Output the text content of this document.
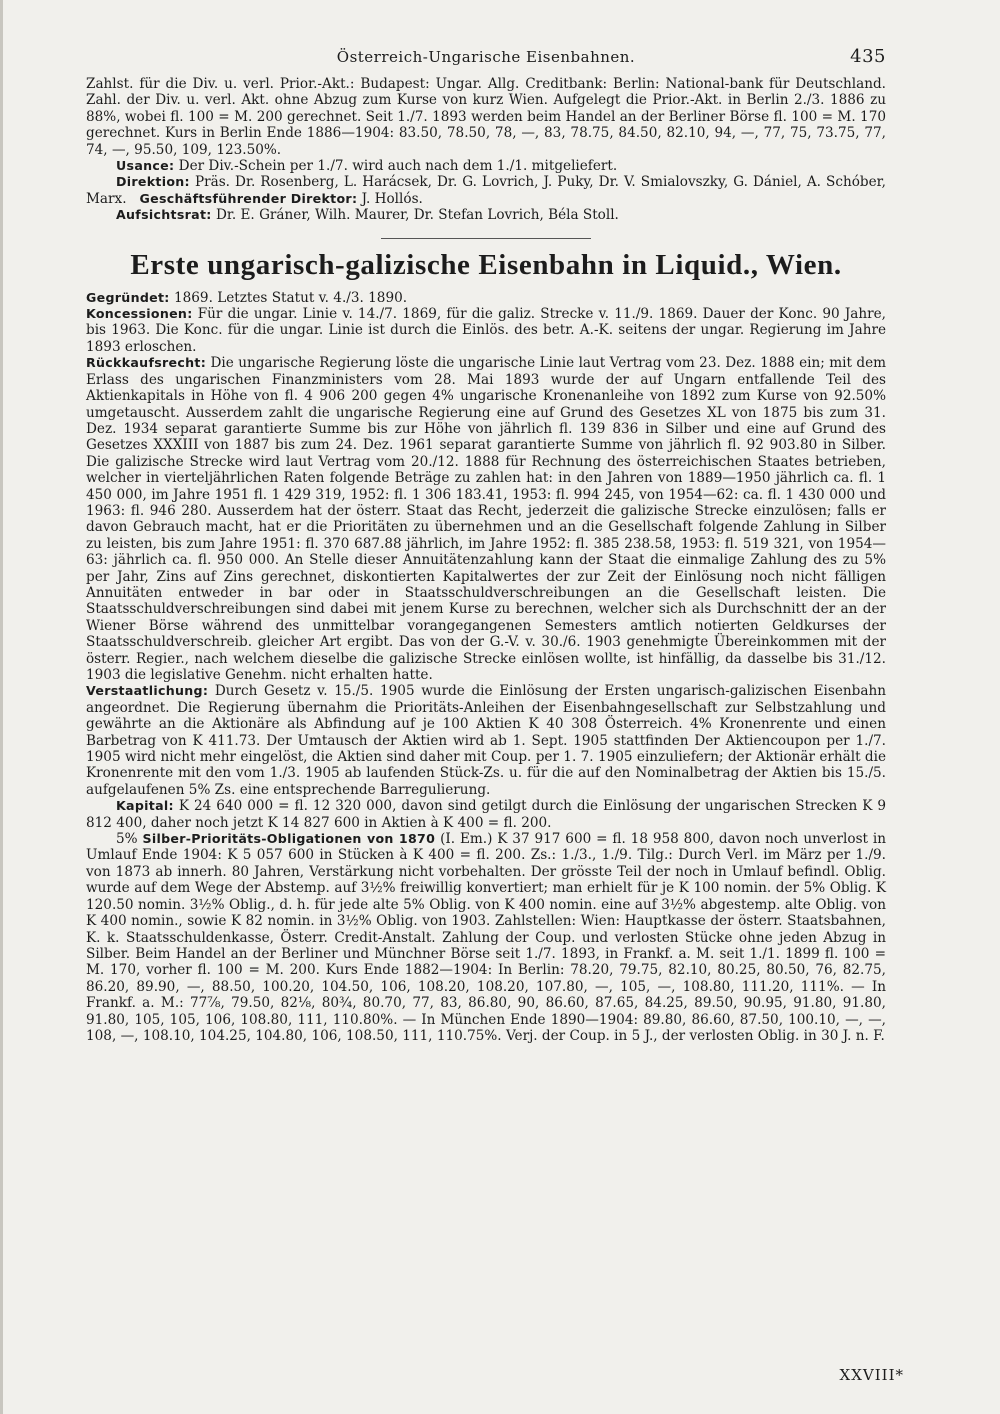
Österreich-Ungarische Eisenbahnen.	435

Zahlst. für die Div. u. verl. Prior.-Akt.: Budapest: Ungar. Allg. Creditbank: Berlin: National-bank für Deutschland. Zahl. der Div. u. verl. Akt. ohne Abzug zum Kurse von kurz Wien. Aufgelegt die Prior.-Akt. in Berlin 2./3. 1886 zu 88%, wobei fl. 100 = M. 200 gerechnet. Seit 1./7. 1893 werden beim Handel an der Berliner Börse fl. 100 = M. 170 gerechnet. Kurs in Berlin Ende 1886—1904: 83.50, 78.50, 78, —, 83, 78.75, 84.50, 82.10, 94, —, 77, 75, 73.75, 77, 74, —, 95.50, 109, 123.50%.

Usance: Der Div.-Schein per 1./7. wird auch nach dem 1./1. mitgeliefert.

Direktion: Präs. Dr. Rosenberg, L. Harácsek, Dr. G. Lovrich, J. Puky, Dr. V. Smialovszky, G. Dániel, A. Schóber, Marx. Geschäftsführender Direktor: J. Hollós.

Aufsichtsrat: Dr. E. Gráner, Wilh. Maurer, Dr. Stefan Lovrich, Béla Stoll.

Erste ungarisch-galizische Eisenbahn in Liquid., Wien.

Gegründet: 1869. Letztes Statut v. 4./3. 1890.

Koncessionen: Für die ungar. Linie v. 14./7. 1869, für die galiz. Strecke v. 11./9. 1869. Dauer der Konc. 90 Jahre, bis 1963. Die Konc. für die ungar. Linie ist durch die Einlös. des betr. A.-K. seitens der ungar. Regierung im Jahre 1893 erloschen.

Rückkaufsrecht: Die ungarische Regierung löste die ungarische Linie laut Vertrag vom 23. Dez. 1888 ein; mit dem Erlass des ungarischen Finanzministers vom 28. Mai 1893 wurde der auf Ungarn entfallende Teil des Aktienkapitals in Höhe von fl. 4 906 200 gegen 4% ungarische Kronenanleihe von 1892 zum Kurse von 92.50% umgetauscht. Ausserdem zahlt die ungarische Regierung eine auf Grund des Gesetzes XL von 1875 bis zum 31. Dez. 1934 separat garantierte Summe bis zur Höhe von jährlich fl. 139 836 in Silber und eine auf Grund des Gesetzes XXXIII von 1887 bis zum 24. Dez. 1961 separat garantierte Summe von jährlich fl. 92 903.80 in Silber. Die galizische Strecke wird laut Vertrag vom 20./12. 1888 für Rechnung des österreichischen Staates betrieben, welcher in vierteljährlichen Raten folgende Beträge zu zahlen hat: in den Jahren von 1889—1950 jährlich ca. fl. 1 450 000, im Jahre 1951 fl. 1 429 319, 1952: fl. 1 306 183.41, 1953: fl. 994 245, von 1954—62: ca. fl. 1 430 000 und 1963: fl. 946 280. Ausserdem hat der österr. Staat das Recht, jederzeit die galizische Strecke einzulösen; falls er davon Gebrauch macht, hat er die Prioritäten zu übernehmen und an die Gesellschaft folgende Zahlung in Silber zu leisten, bis zum Jahre 1951: fl. 370 687.88 jährlich, im Jahre 1952: fl. 385 238.58, 1953: fl. 519 321, von 1954—63: jährlich ca. fl. 950 000. An Stelle dieser Annuitätenzahlung kann der Staat die einmalige Zahlung des zu 5% per Jahr, Zins auf Zins gerechnet, diskontierten Kapitalwertes der zur Zeit der Einlösung noch nicht fälligen Annuitäten entweder in bar oder in Staatsschuldverschreibungen an die Gesellschaft leisten. Die Staatsschuldverschreibungen sind dabei mit jenem Kurse zu berechnen, welcher sich als Durchschnitt der an der Wiener Börse während des unmittelbar vorangegangenen Semesters amtlich notierten Geldkurses der Staatsschuldverschreib. gleicher Art ergibt. Das von der G.-V. v. 30./6. 1903 genehmigte Übereinkommen mit der österr. Regier., nach welchem dieselbe die galizische Strecke einlösen wollte, ist hinfällig, da dasselbe bis 31./12. 1903 die legislative Genehm. nicht erhalten hatte.

Verstaatlichung: Durch Gesetz v. 15./5. 1905 wurde die Einlösung der Ersten ungarisch-galizischen Eisenbahn angeordnet. Die Regierung übernahm die Prioritäts-Anleihen der Eisenbahngesellschaft zur Selbstzahlung und gewährte an die Aktionäre als Abfindung auf je 100 Aktien K 40 308 Österreich. 4% Kronenrente und einen Barbetrag von K 411.73. Der Umtausch der Aktien wird ab 1. Sept. 1905 stattfinden Der Aktiencoupon per 1./7. 1905 wird nicht mehr eingelöst, die Aktien sind daher mit Coup. per 1. 7. 1905 einzuliefern; der Aktionär erhält die Kronenrente mit den vom 1./3. 1905 ab laufenden Stück-Zs. u. für die auf den Nominalbetrag der Aktien bis 15./5. aufgelaufenen 5% Zs. eine entsprechende Barregulierung.

Kapital: K 24 640 000 = fl. 12 320 000, davon sind getilgt durch die Einlösung der ungarischen Strecken K 9 812 400, daher noch jetzt K 14 827 600 in Aktien à K 400 = fl. 200.

5% Silber-Prioritäts-Obligationen von 1870 (I. Em.) K 37 917 600 = fl. 18 958 800, davon noch unverlost in Umlauf Ende 1904: K 5 057 600 in Stücken à K 400 = fl. 200. Zs.: 1./3., 1./9. Tilg.: Durch Verl. im März per 1./9. von 1873 ab innerh. 80 Jahren, Verstärkung nicht vorbehalten. Der grösste Teil der noch in Umlauf befindl. Oblig. wurde auf dem Wege der Abstemp. auf 3½% freiwillig konvertiert; man erhielt für je K 100 nomin. der 5% Oblig. K 120.50 nomin. 3½% Oblig., d. h. für jede alte 5% Oblig. von K 400 nomin. eine auf 3½% abgestemp. alte Oblig. von K 400 nomin., sowie K 82 nomin. in 3½% Oblig. von 1903. Zahlstellen: Wien: Hauptkasse der österr. Staatsbahnen, K. k. Staatsschuldenkasse, Österr. Credit-Anstalt. Zahlung der Coup. und verlosten Stücke ohne jeden Abzug in Silber. Beim Handel an der Berliner und Münchner Börse seit 1./7. 1893, in Frankf. a. M. seit 1./1. 1899 fl. 100 = M. 170, vorher fl. 100 = M. 200. Kurs Ende 1882—1904: In Berlin: 78.20, 79.75, 82.10, 80.25, 80.50, 76, 82.75, 86.20, 89.90, —, 88.50, 100.20, 104.50, 106, 108.20, 108.20, 107.80, —, 105, —, 108.80, 111.20, 111%. — In Frankf. a. M.: 77⅞, 79.50, 82⅛, 80¾, 80.70, 77, 83, 86.80, 90, 86.60, 87.65, 84.25, 89.50, 90.95, 91.80, 91.80, 91.80, 105, 105, 106, 108.80, 111, 110.80%. — In München Ende 1890—1904: 89.80, 86.60, 87.50, 100.10, —, —, 108, —, 108.10, 104.25, 104.80, 106, 108.50, 111, 110.75%. Verj. der Coup. in 5 J., der verlosten Oblig. in 30 J. n. F.

XXVIII*
